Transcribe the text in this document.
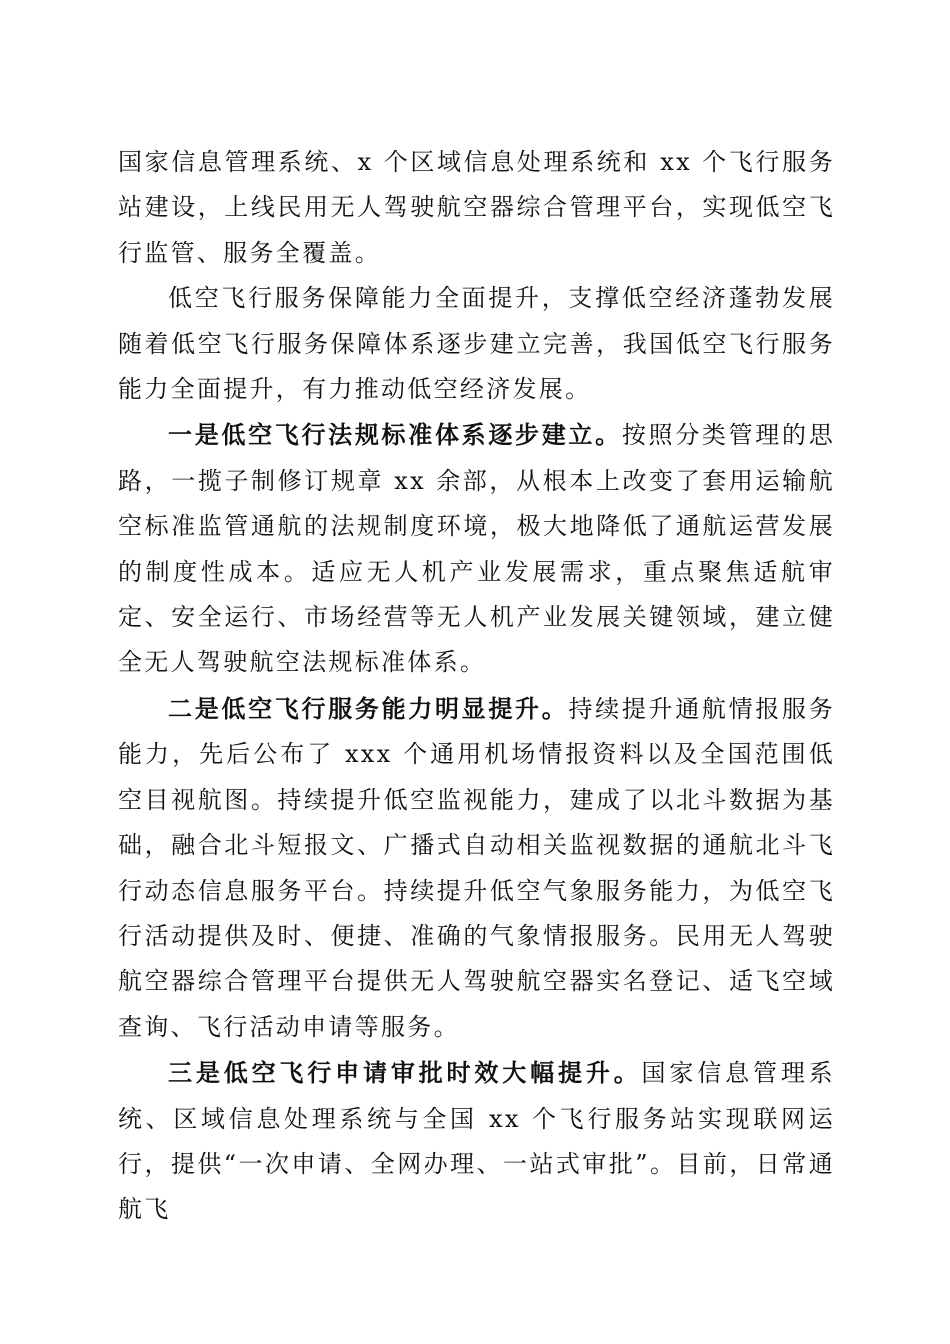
国家信息管理系统、x 个区域信息处理系统和 xx 个飞行服务站建设，上线民用无人驾驶航空器综合管理平台，实现低空飞行监管、服务全覆盖。

低空飞行服务保障能力全面提升，支撑低空经济蓬勃发展随着低空飞行服务保障体系逐步建立完善，我国低空飞行服务能力全面提升，有力推动低空经济发展。

一是低空飞行法规标准体系逐步建立。按照分类管理的思路，一揽子制修订规章 xx 余部，从根本上改变了套用运输航空标准监管通航的法规制度环境，极大地降低了通航运营发展的制度性成本。适应无人机产业发展需求，重点聚焦适航审定、安全运行、市场经营等无人机产业发展关键领域，建立健全无人驾驶航空法规标准体系。

二是低空飞行服务能力明显提升。持续提升通航情报服务能力，先后公布了 xxx 个通用机场情报资料以及全国范围低空目视航图。持续提升低空监视能力，建成了以北斗数据为基础，融合北斗短报文、广播式自动相关监视数据的通航北斗飞行动态信息服务平台。持续提升低空气象服务能力，为低空飞行活动提供及时、便捷、准确的气象情报服务。民用无人驾驶航空器综合管理平台提供无人驾驶航空器实名登记、适飞空域查询、飞行活动申请等服务。

三是低空飞行申请审批时效大幅提升。国家信息管理系统、区域信息处理系统与全国 xx 个飞行服务站实现联网运行，提供“一次申请、全网办理、一站式审批”。目前，日常通航飞
